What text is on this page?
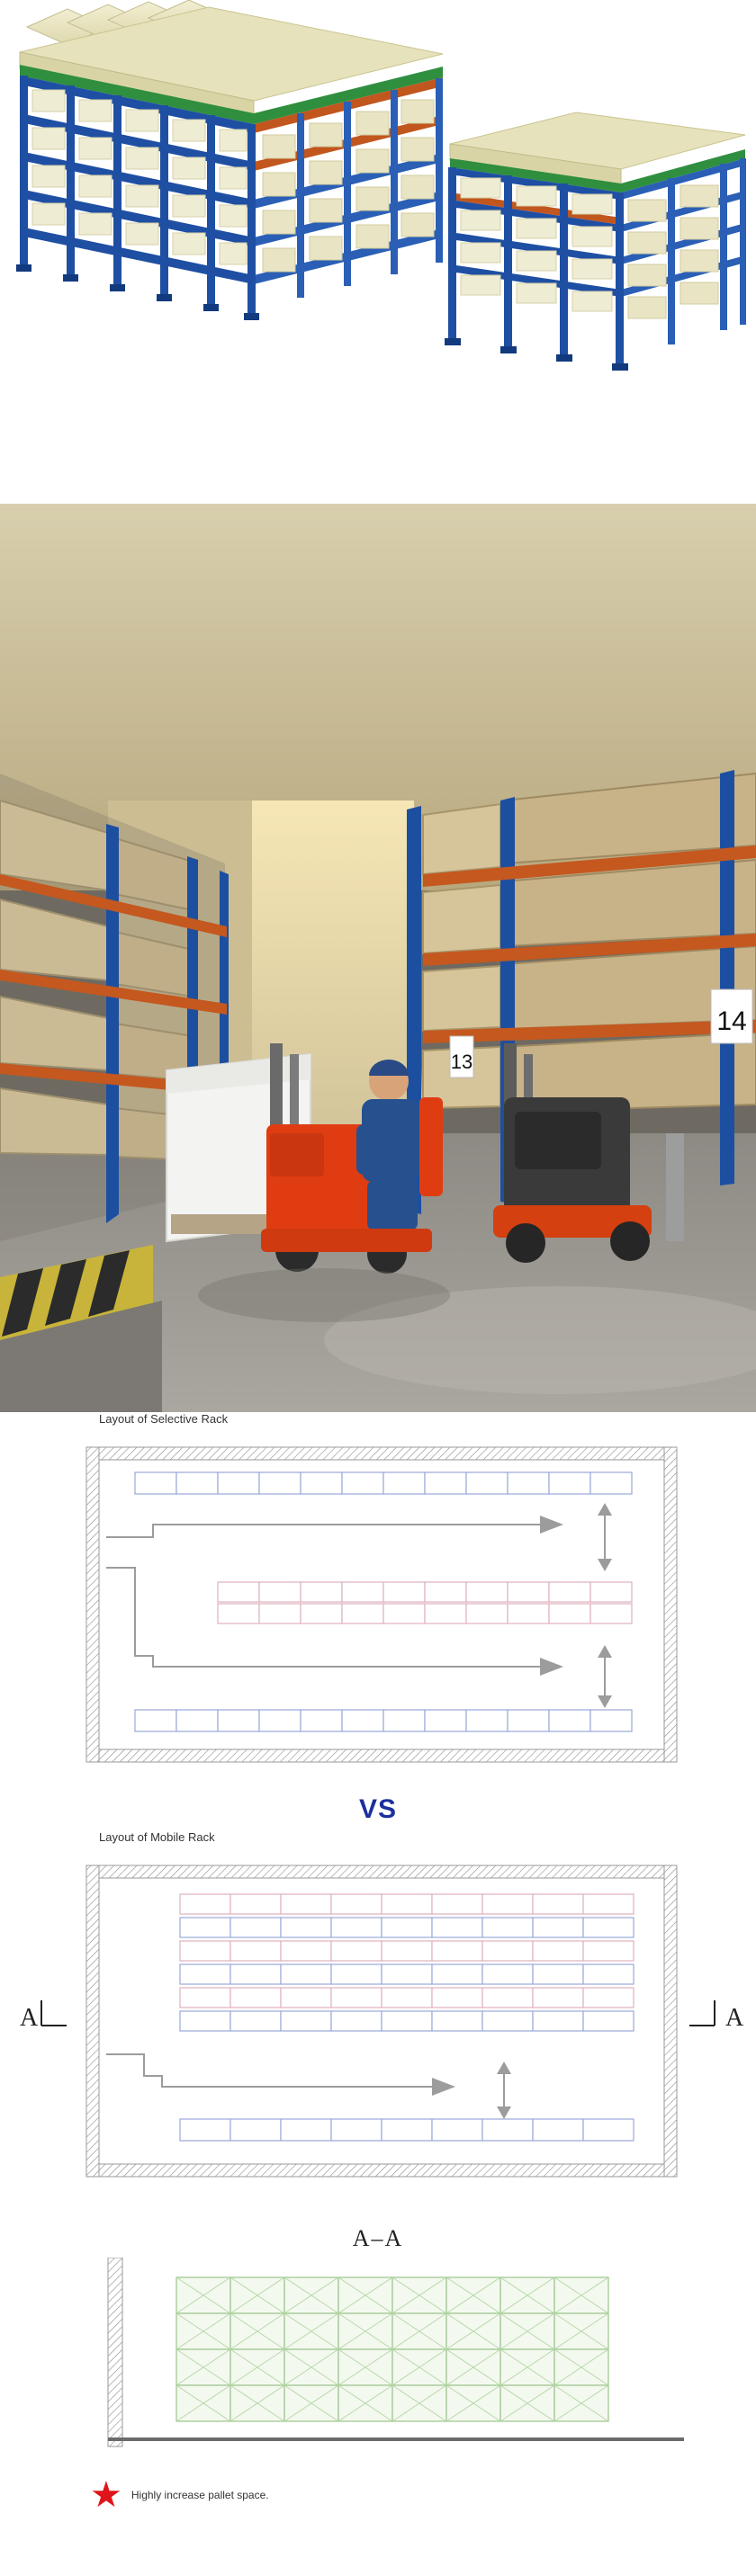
14
13
Layout of Selective Rack
VS
Layout of Mobile Rack
A	A
A–A
★ Highly increase pallet space.
